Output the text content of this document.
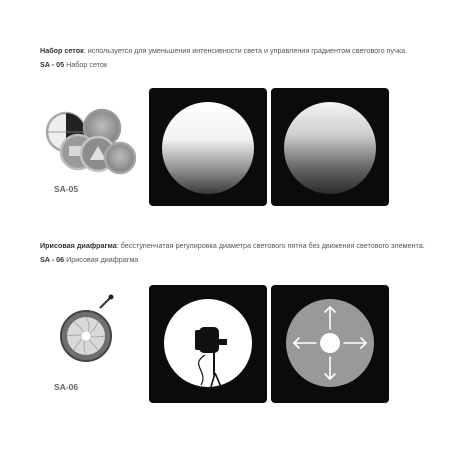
Набор сеток: используется для уменьшения интенсивности света и управления градиентом светового пучка.
SA - 05 Набор сеток
SA-05
Ирисовая диафрагма: бесступенчатая регулировка диаметра светового пятна без движения светового элемента.
SA - 06 Ирисовая диафрагма
SA-06
